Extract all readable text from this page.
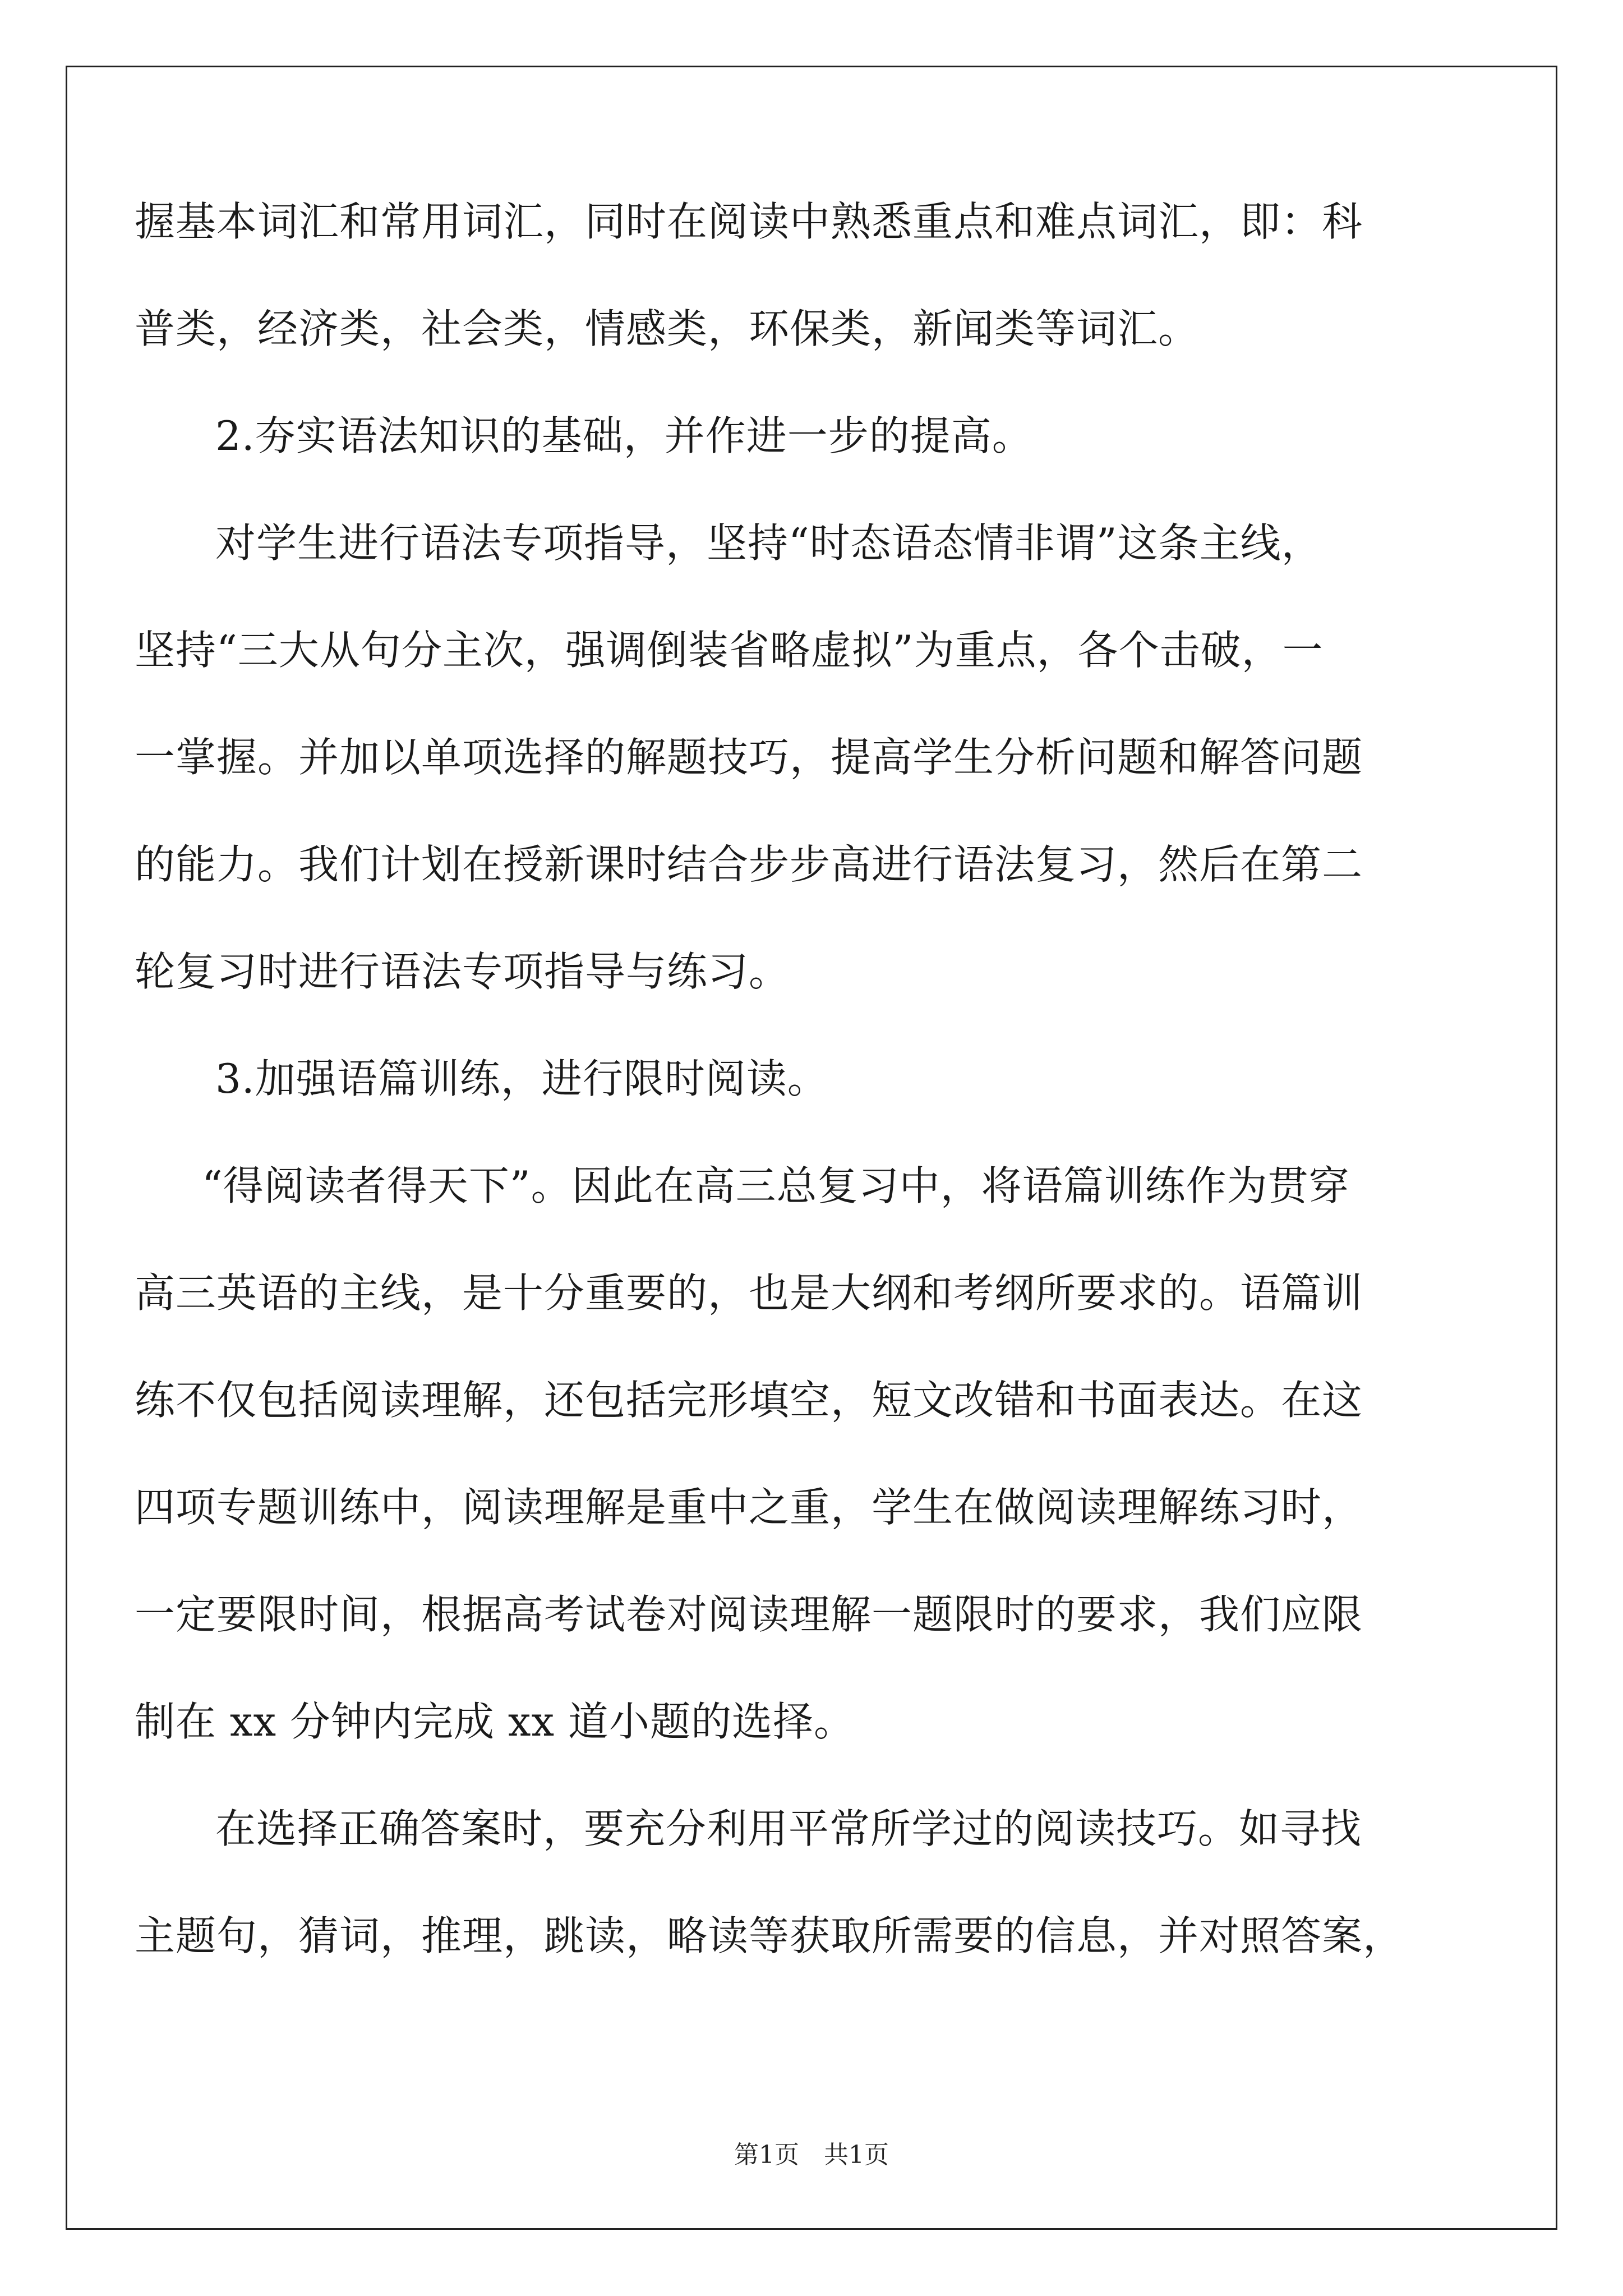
握基本词汇和常用词汇，同时在阅读中熟悉重点和难点词汇，即：科

普类，经济类，社会类，情感类，环保类，新闻类等词汇。

2.夯实语法知识的基础，并作进一步的提高。

对学生进行语法专项指导，坚持“时态语态情非谓”这条主线，

坚持“三大从句分主次，强调倒装省略虚拟”为重点，各个击破，一

一掌握。并加以单项选择的解题技巧，提高学生分析问题和解答问题

的能力。我们计划在授新课时结合步步高进行语法复习，然后在第二

轮复习时进行语法专项指导与练习。

3.加强语篇训练，进行限时阅读。

“得阅读者得天下”。因此在高三总复习中，将语篇训练作为贯穿

高三英语的主线，是十分重要的，也是大纲和考纲所要求的。语篇训

练不仅包括阅读理解，还包括完形填空，短文改错和书面表达。在这

四项专题训练中，阅读理解是重中之重，学生在做阅读理解练习时，

一定要限时间，根据高考试卷对阅读理解一题限时的要求，我们应限

制在 xx 分钟内完成 xx 道小题的选择。

在选择正确答案时，要充分利用平常所学过的阅读技巧。如寻找

主题句，猜词，推理，跳读，略读等获取所需要的信息，并对照答案，

第1页　共1页
